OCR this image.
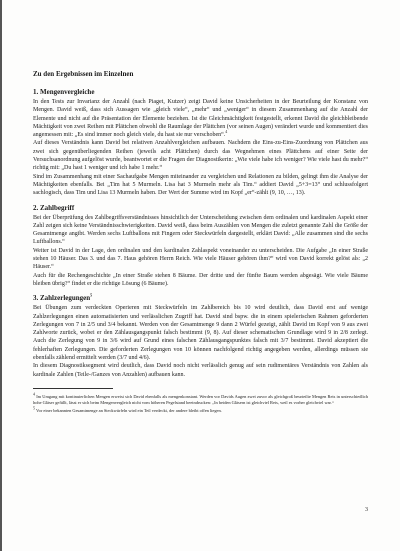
Zu den Ergebnissen im Einzelnen
1. Mengenvergleiche

In den Tests zur Invarianz der Anzahl (nach Piaget, Kutzer) zeigt David keine Unsicherheiten in der Beurteilung der Konstanz von Mengen. David weiß, dass sich Aussagen wie „gleich viele“, „mehr“ und „weniger“ in diesem Zusammenhang auf die Anzahl der Elemente und nicht auf die Präsentation der Elemente beziehen. Ist die Gleichmächtigkeit festgestellt, erkennt David die gleichbleibende Mächtigkeit von zwei Reihen mit Plättchen obwohl die Raumlage der Plättchen (vor seinen Augen) verändert wurde und kommentiert dies angemessen mit: „Es sind immer noch gleich viele, du hast sie nur verschoben“.$^4$

Auf dieses Verständnis kann David bei relativen Anzahlvergleichen aufbauen. Nachdem die Eins-zu-Eins-Zuordnung von Plättchen aus zwei sich gegenüberliegenden Reihen (jeweils acht Plättchen) durch das Wegnehmen eines Plättchens auf einer Seite der Versuchsanordnung aufgelöst wurde, beantwortet er die Fragen der Diagnostikerin: „Wie viele habe ich weniger? Wie viele hast du mehr?“ richtig mit: „Du hast 1 weniger und ich habe 1 mehr.“

Sind im Zusammenhang mit einer Sachaufgabe Mengen miteinander zu vergleichen und Relationen zu bilden, gelingt ihm die Analyse der Mächtigkeiten ebenfalls. Bei „Tim hat 5 Murmeln. Lisa hat 3 Murmeln mehr als Tim.“ addiert David „5+3=13“ und schlussfolgert sachlogisch, dass Tim und Lisa 13 Murmeln haben. Der Wert der Summe wird im Kopf „er“-zählt (9, 10, …, 13).

2. Zahlbegriff

Bei der Überprüfung des Zahlbegriffsverständnisses hinsichtlich der Unterscheidung zwischen dem ordinalen und kardinalen Aspekt einer Zahl zeigen sich keine Verständnisschwierigkeiten. David weiß, dass beim Auszählen von Mengen die zuletzt genannte Zahl die Größe der Gesamtmenge angibt. Werden sechs Luftballons mit Fingern oder Steckwürfeln dargestellt, erklärt David: „Alle zusammen sind die sechs Luftballons.“

Weiter ist David in der Lage, den ordinalen und den kardinalen Zahlaspekt voneinander zu unterscheiden. Die Aufgabe „In einer Straße stehen 10 Häuser. Das 3. und das 7. Haus gehören Herrn Reich. Wie viele Häuser gehören ihm?“ wird von David korrekt gelöst als: „2 Häuser.“

Auch für die Rechengeschichte „In einer Straße stehen 8 Bäume. Der dritte und der fünfte Baum werden abgesägt. Wie viele Bäume bleiben übrig?“ findet er die richtige Lösung (6 Bäume).

3. Zahlzerlegungen$^5$

Bei Übungen zum verdeckten Operieren mit Steckwürfeln im Zahlbereich bis 10 wird deutlich, dass David erst auf wenige Zahlzerlegungen einen automatisierten und verlässlichen Zugriff hat. David sind bspw. die in einem spielerischen Rahmen geforderten Zerlegungen von 7 in 2/5 und 3/4 bekannt. Werden von der Gesamtmenge 9 dann 2 Würfel gezeigt, zählt David im Kopf von 9 aus zwei Zahlworte zurück, wobei er den Zählausgangspunkt falsch bestimmt (9, 8). Auf dieser schematischen Grundlage wird 9 in 2/8 zerlegt. Auch die Zerlegung von 9 in 3/6 wird auf Grund eines falschen Zählausgangspunktes falsch mit 3/7 bestimmt. David akzeptiert die fehlerhaften Zerlegungen. Die geforderten Zerlegungen von 10 können nachfolgend richtig angegeben werden, allerdings müssen sie ebenfalls zählend ermittelt werden (3/7 und 4/6).

In diesem Diagnostiksegment wird deutlich, dass David noch nicht verlässlich genug auf sein rudimentäres Verständnis von Zahlen als kardinale Zahlen (Teile-/Ganzes von Anzahlen) aufbauen kann.

$^4$ Im Umgang mit kontinuierlichen Mengen erweist sich David ebenfalls als mengenkonstant. Werden vor Davids Augen zwei zuvor als gleichgroß beurteilte Mengen Reis in unterschiedlich hohe Gläser gefüllt, lässt er sich beim Mengenvergleich nicht vom höheren Pegelstand beeindrucken: „In beiden Gläsern ist gleichviel Reis, weil es vorher gleichviel war.“

$^5$ Vor einer bekannten Gesamtmenge an Steckwürfeln wird ein Teil verdeckt, der andere bleibt offen liegen.

3
